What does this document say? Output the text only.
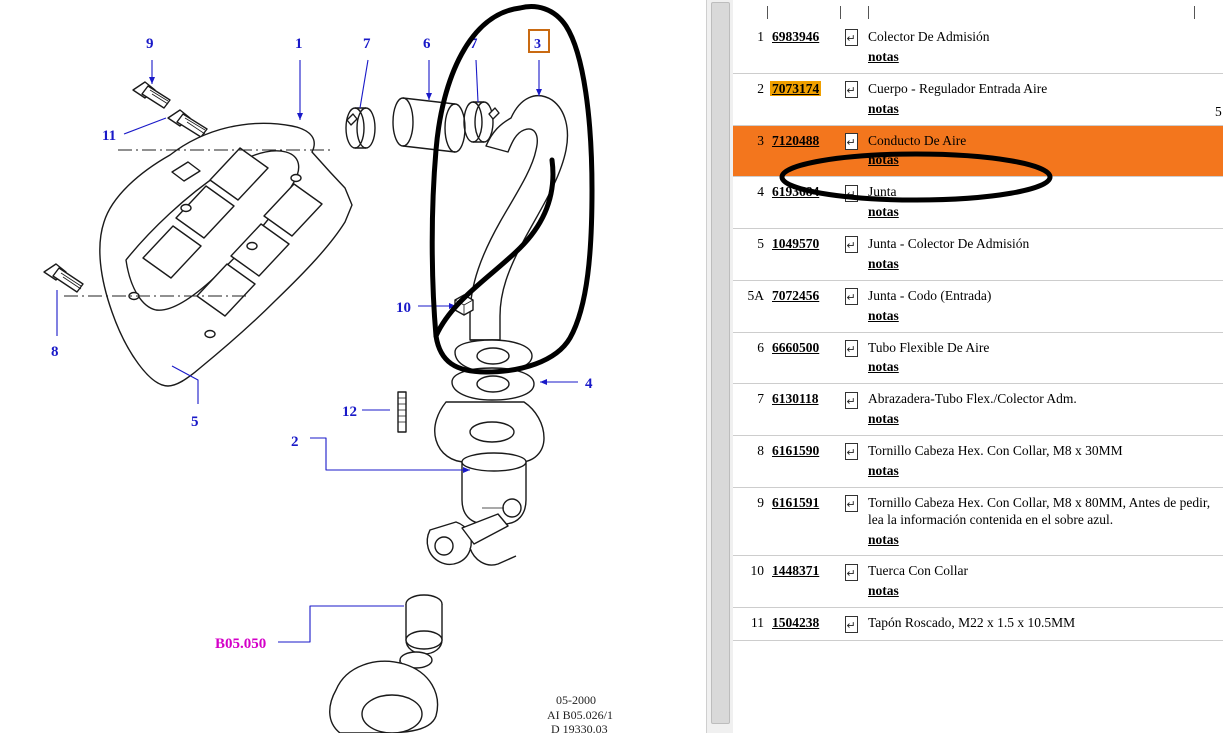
9	1	7	6	7	3
11
10
8
5
12
2
4
B05.050
05-2000
AI B05.026/1
D 19330.03

1	6983946	↵	Colector De Admisión
notas
2	7073174	↵	Cuerpo - Regulador Entrada Aire
notas
3	7120488	↵	Conducto De Aire
notas
4	6193684	↵	Junta
notas
5	1049570	↵	Junta - Colector De Admisión
notas
5A	7072456	↵	Junta - Codo (Entrada)
notas
6	6660500	↵	Tubo Flexible De Aire
notas
7	6130118	↵	Abrazadera-Tubo Flex./Colector Adm.
notas
8	6161590	↵	Tornillo Cabeza Hex. Con Collar, M8 x 30MM
notas
9	6161591	↵	Tornillo Cabeza Hex. Con Collar, M8 x 80MM, Antes de pedir, lea la información contenida en el sobre azul.
notas
10	1448371	↵	Tuerca Con Collar
notas
11	1504238	↵	Tapón Roscado, M22 x 1.5 x 10.5MM
5
